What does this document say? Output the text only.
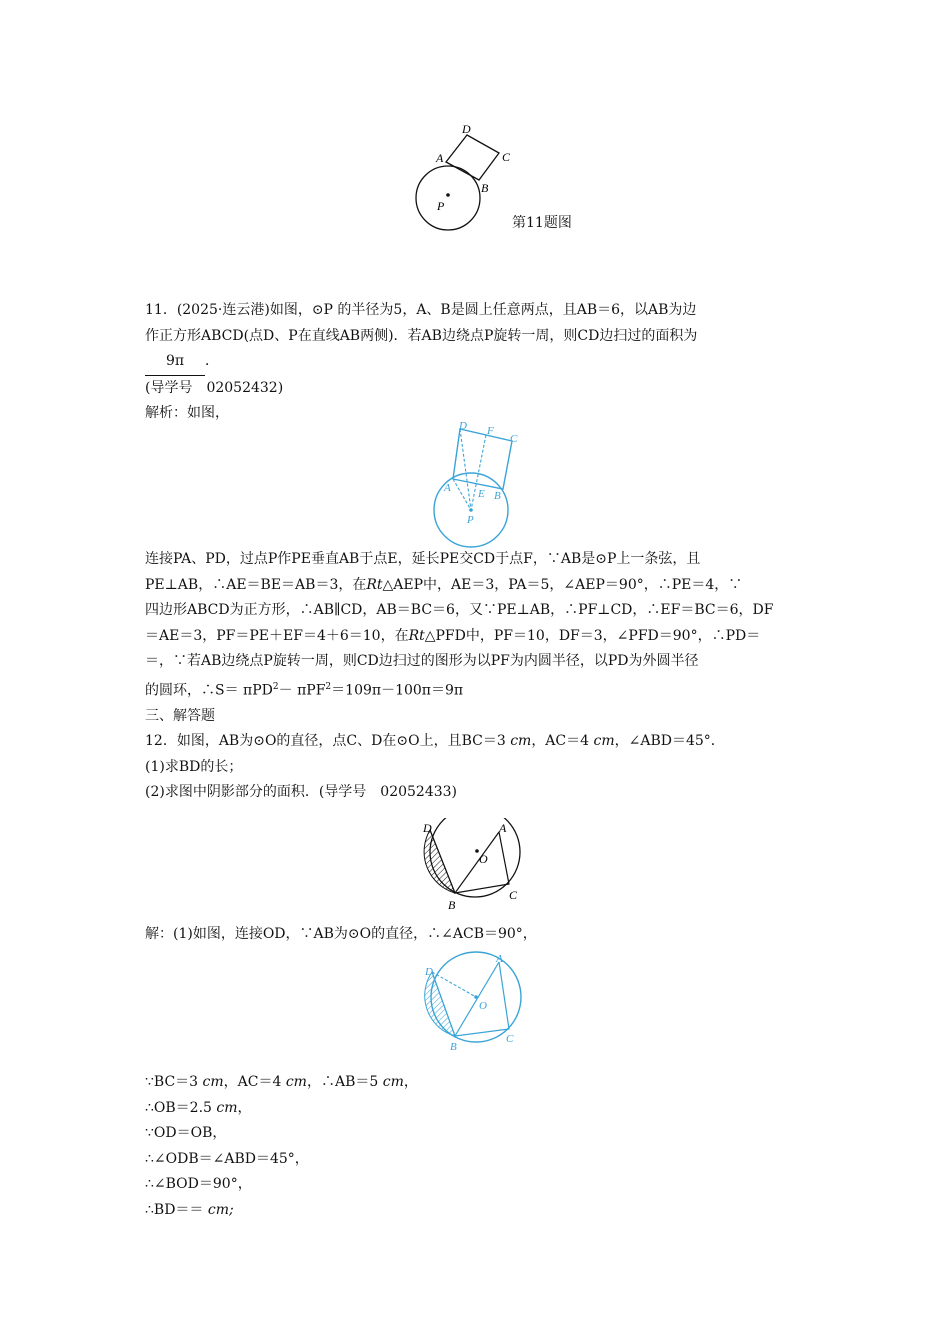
A
B
C
D
P
第11题图
11．(2025·连云港)如图，⊙P 的半径为5，A、B是圆上任意两点，且AB＝6，以AB为边
作正方形ABCD(点D、P在直线AB两侧)．若AB边绕点P旋转一周，则CD边扫过的面积为
9π ．
(导学号　02052432)
解析：如图，
A
B
C
D
E
F
P
连接PA、PD，过点P作PE垂直AB于点E，延长PE交CD于点F，∵AB是⊙P上一条弦，且
PE⊥AB，∴AE＝BE＝AB＝3，在Rt△AEP中，AE＝3，PA＝5，∠AEP＝90°，∴PE＝4，∵
四边形ABCD为正方形，∴AB∥CD，AB＝BC＝6，又∵PE⊥AB，∴PF⊥CD，∴EF＝BC＝6，DF
＝AE＝3，PF＝PE＋EF＝4＋6＝10，在Rt△PFD中，PF＝10，DF＝3，∠PFD＝90°，∴PD＝
＝，∵若AB边绕点P旋转一周，则CD边扫过的图形为以PF为内圆半径，以PD为外圆半径
的圆环，∴S＝ πPD$^2$－ πPF$^2$＝109π－100π＝9π
三、解答题
12．如图，AB为⊙O的直径，点C、D在⊙O上，且BC＝3 cm，AC＝4 cm，∠ABD＝45°．
(1)求BD的长；
(2)求图中阴影部分的面积．(导学号　02052433)
A
B
C
D
O
解：(1)如图，连接OD，∵AB为⊙O的直径，∴∠ACB＝90°，
A
B
C
D
O
∵BC＝3 cm，AC＝4 cm，∴AB＝5 cm，
∴OB＝2.5 cm，
∵OD＝OB，
∴∠ODB＝∠ABD＝45°，
∴∠BOD＝90°，
∴BD＝＝ cm;
